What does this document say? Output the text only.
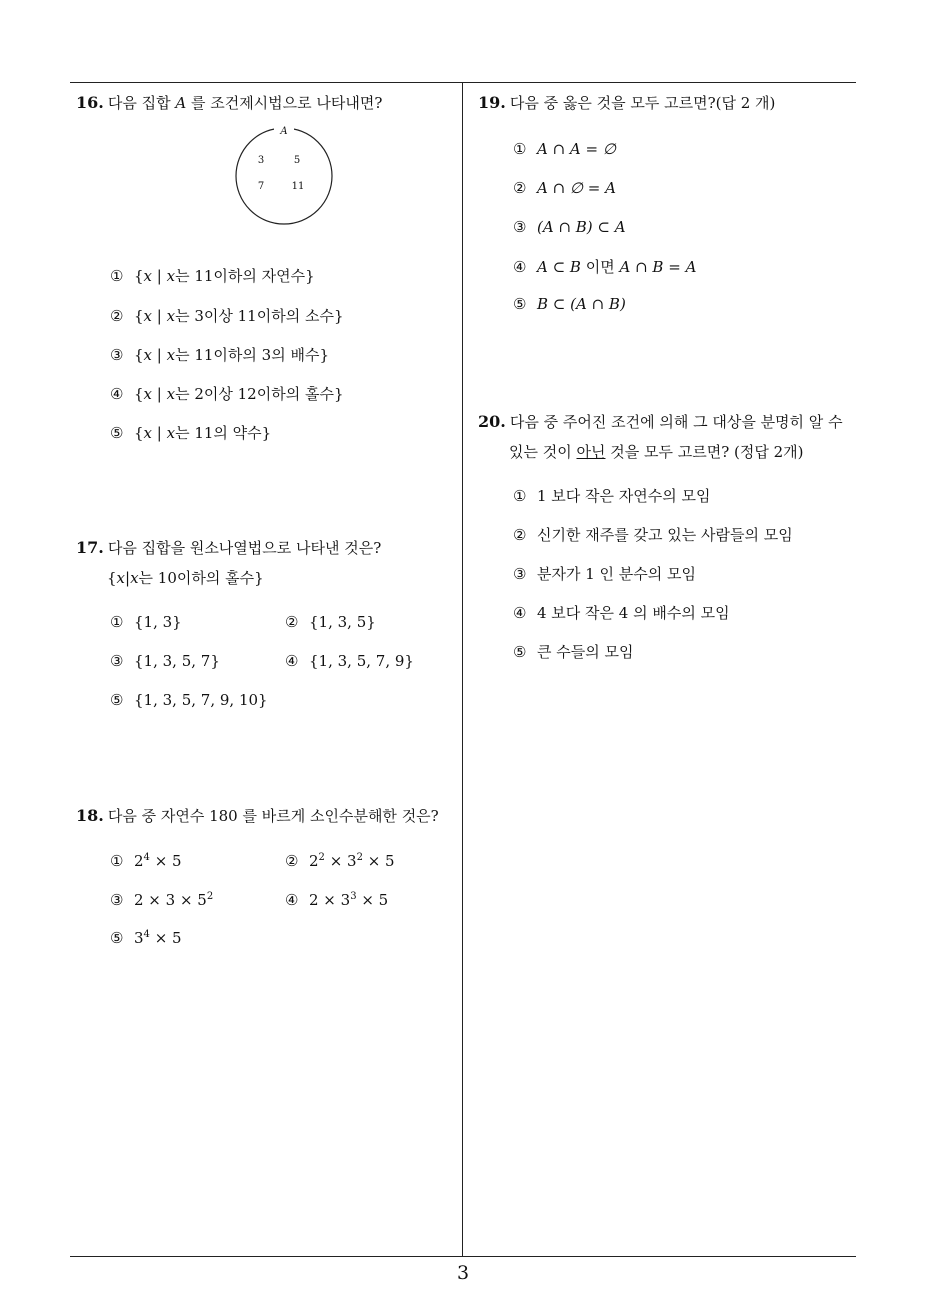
16. 다음 집합 A 를 조건제시법으로 나타내면?
A
3	5
7	11
① {x | x는 11이하의 자연수}
② {x | x는 3이상 11이하의 소수}
③ {x | x는 11이하의 3의 배수}
④ {x | x는 2이상 12이하의 홀수}
⑤ {x | x는 11의 약수}
17. 다음 집합을 원소나열법으로 나타낸 것은?
{x|x는 10이하의 홀수}
① {1, 3}	② {1, 3, 5}
③ {1, 3, 5, 7}	④ {1, 3, 5, 7, 9}
⑤ {1, 3, 5, 7, 9, 10}
18. 다음 중 자연수 180 를 바르게 소인수분해한 것은?
① $2^4 \times 5$	② $2^2 \times 3^2 \times 5$
③ $2 \times 3 \times 5^2$	④ $2 \times 3^3 \times 5$
⑤ $3^4 \times 5$
19. 다음 중 옳은 것을 모두 고르면?(답 2 개)
① A ∩ A = ∅
② A ∩ ∅ = A
③ (A ∩ B) ⊂ A
④ A ⊂ B 이면 A ∩ B = A
⑤ B ⊂ (A ∩ B)
20. 다음 중 주어진 조건에 의해 그 대상을 분명히 알 수
있는 것이 아닌 것을 모두 고르면? (정답 2개)
① 1 보다 작은 자연수의 모임
② 신기한 재주를 갖고 있는 사람들의 모임
③ 분자가 1 인 분수의 모임
④ 4 보다 작은 4 의 배수의 모임
⑤ 큰 수들의 모임
3
